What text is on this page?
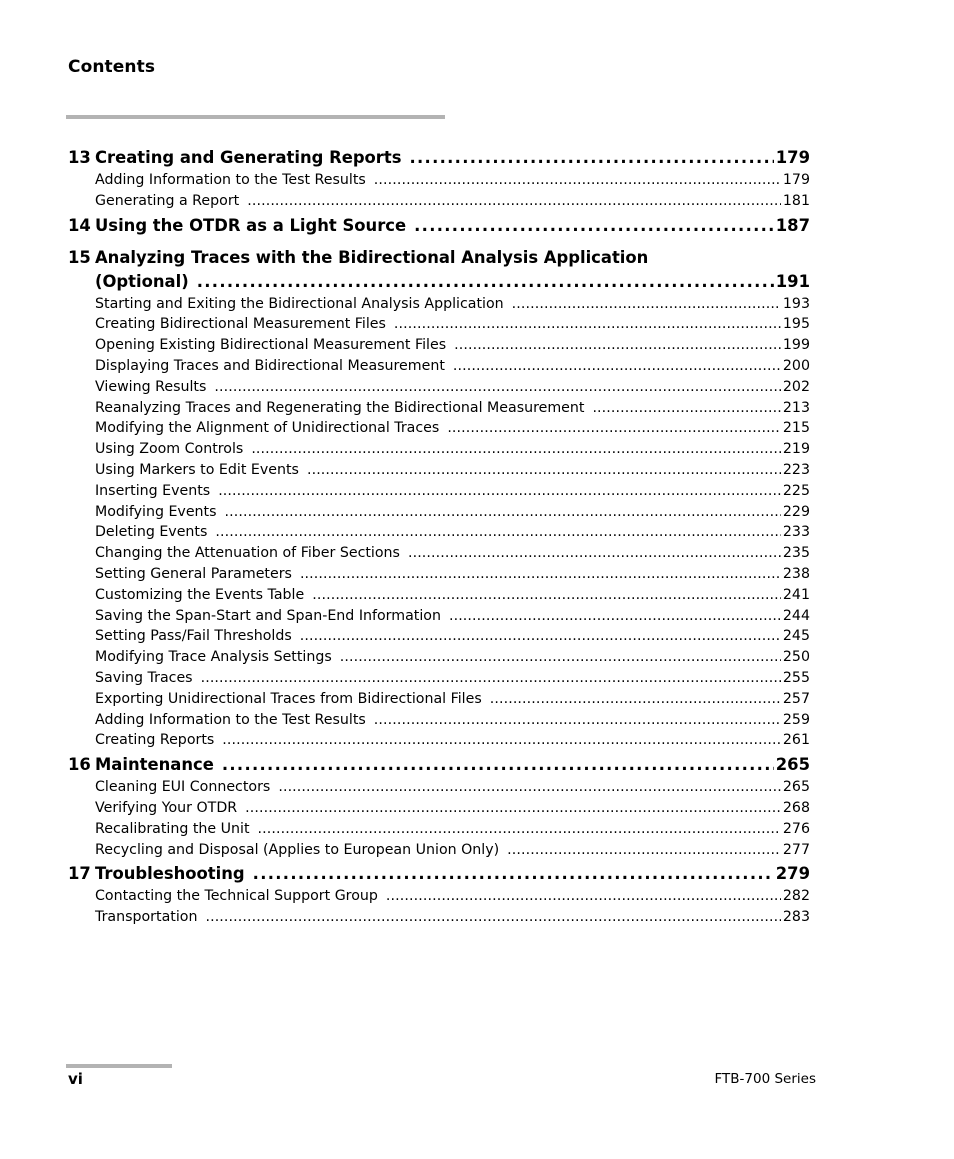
Contents
13 Creating and Generating Reports . . .	179
Adding Information to the Test Results . . .	179
Generating a Report . . .	181
14 Using the OTDR as a Light Source . . .	187
15 Analyzing Traces with the Bidirectional Analysis Application
(Optional) . . .	191
Starting and Exiting the Bidirectional Analysis Application . . .	193
Creating Bidirectional Measurement Files . . .	195
Opening Existing Bidirectional Measurement Files . . .	199
Displaying Traces and Bidirectional Measurement . . .	200
Viewing Results . . .	202
Reanalyzing Traces and Regenerating the Bidirectional Measurement . . .	213
Modifying the Alignment of Unidirectional Traces . . .	215
Using Zoom Controls . . .	219
Using Markers to Edit Events . . .	223
Inserting Events . . .	225
Modifying Events . . .	229
Deleting Events . . .	233
Changing the Attenuation of Fiber Sections . . .	235
Setting General Parameters . . .	238
Customizing the Events Table . . .	241
Saving the Span-Start and Span-End Information . . .	244
Setting Pass/Fail Thresholds . . .	245
Modifying Trace Analysis Settings . . .	250
Saving Traces . . .	255
Exporting Unidirectional Traces from Bidirectional Files . . .	257
Adding Information to the Test Results . . .	259
Creating Reports . . .	261
16 Maintenance . . .	265
Cleaning EUI Connectors . . .	265
Verifying Your OTDR . . .	268
Recalibrating the Unit . . .	276
Recycling and Disposal (Applies to European Union Only) . . .	277
17 Troubleshooting . . .	279
Contacting the Technical Support Group . . .	282
Transportation . . .	283
vi	FTB-700 Series
